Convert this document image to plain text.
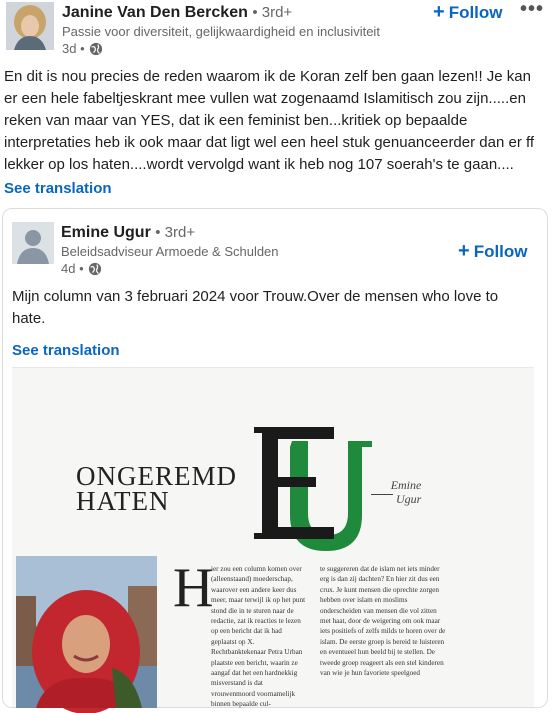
Janine Van Den Bercken • 3rd+
Passie voor diversiteit, gelijkwaardigheid en inclusiviteit
3d •
+ Follow •••
En dit is nou precies de reden waarom ik de Koran zelf ben gaan lezen!! Je kan er een hele fabeltjeskrant mee vullen wat zogenaamd Islamitisch zou zijn.....en reken van maar van YES, dat ik een feminist ben...kritiek op bepaalde interpretaties heb ik ook maar dat ligt wel een heel stuk genuanceerder dan er ff lekker op los haten....wordt vervolgd want ik heb nog 107 soerah's te gaan....
See translation
Emine Ugur • 3rd+
Beleidsadviseur Armoede & Schulden
4d •
+ Follow
Mijn column van 3 februari 2024 voor Trouw.Over de mensen who love to hate.
See translation
ONGEREMD
HATEN
Emine
Ugur
H
ier zou een column komen over (alleenstaand) moederschap, waarover een andere keer dus meer, maar terwijl ik op het punt stond die in te sturen naar de redactie, zat ik reacties te lezen op een bericht dat ik had geplaatst op X. Rechtbanktekenaar Petra Urban plaatste een bericht, waarin ze aangaf dat het een hardnekkig misverstand is dat vrouwenmoord voornamelijk binnen bepaalde cul-
te suggereren dat de islam net iets minder erg is dan zij dachten? En hier zit dus een crux. Je kunt mensen die oprechte zorgen hebben over islam en moslims onderscheiden van mensen die vol zitten met haat, door de weigering om ook maar iets positiefs of zelfs milds te horen over de islam. De eerste groep is bereid te luisteren en eventueel hun beeld bij te stellen. De tweede groep reageert als een stel kinderen van wie je hun favoriete speelgoed
